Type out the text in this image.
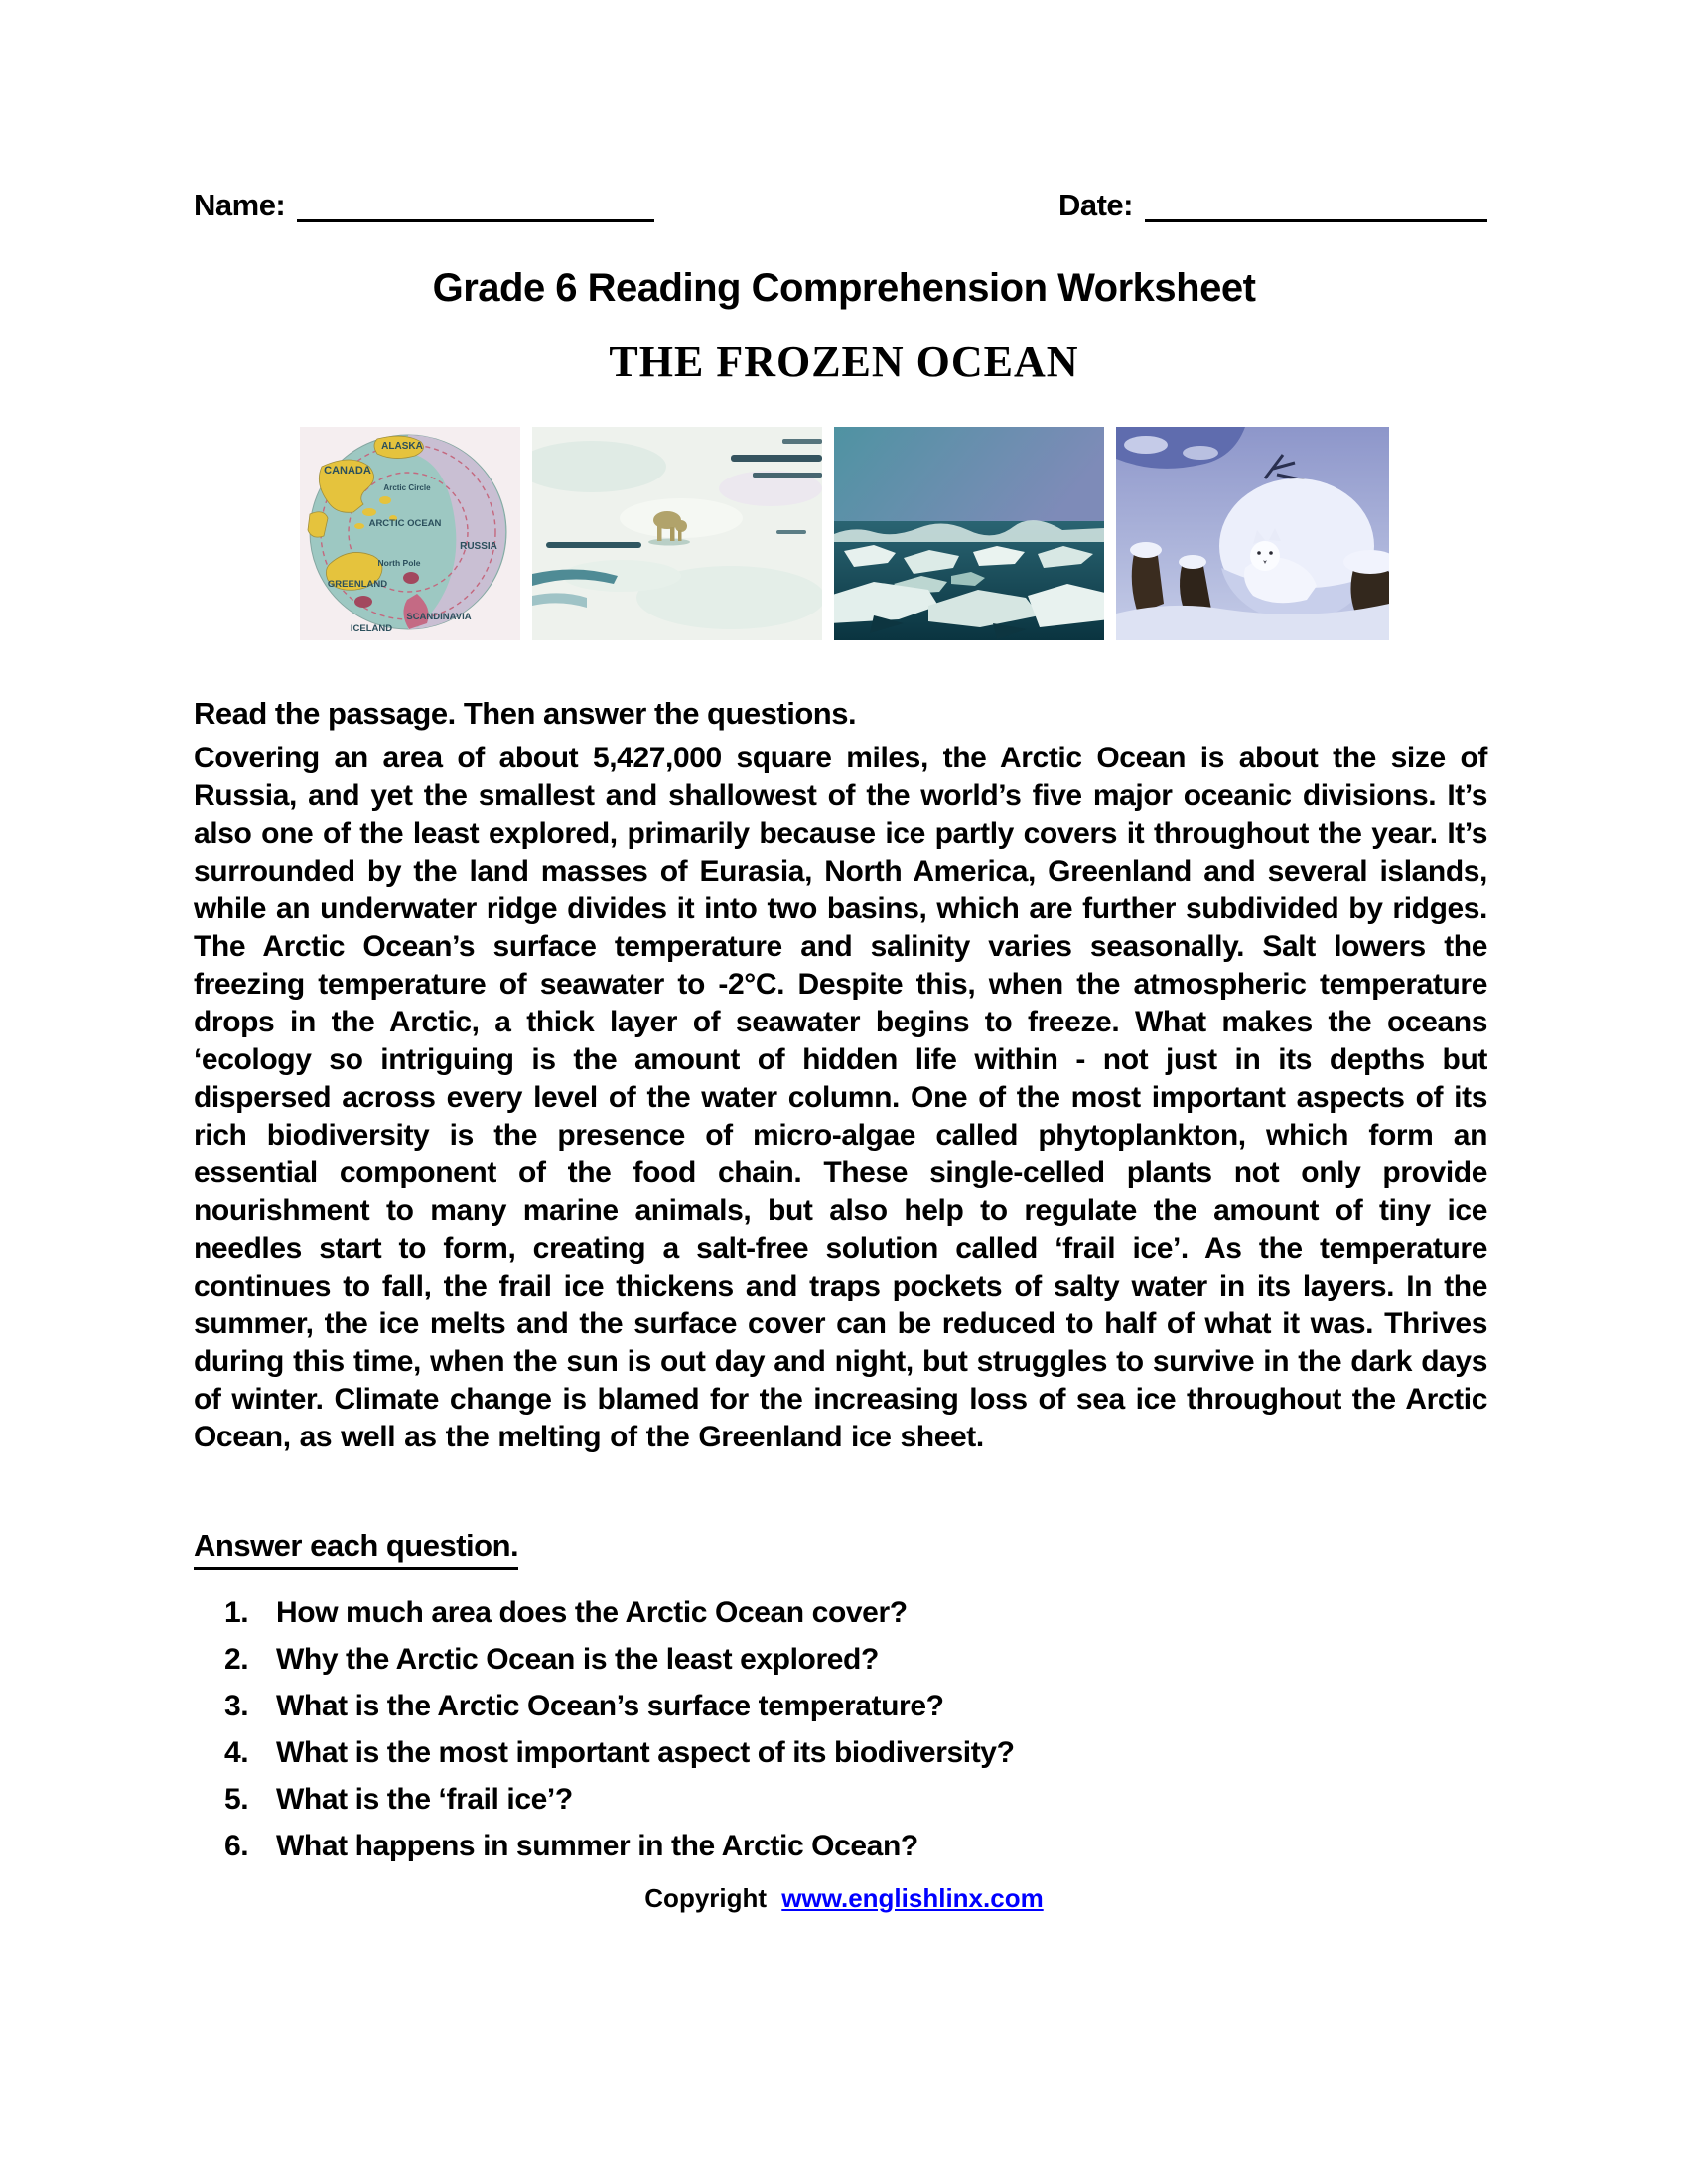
Name:	Date:
Grade 6 Reading Comprehension Worksheet
THE FROZEN OCEAN
ALASKA
CANADA
Arctic Circle
ARCTIC OCEAN
North Pole
RUSSIA
GREENLAND
SCANDINAVIA
ICELAND
Read the passage. Then answer the questions.
Covering an area of about 5,427,000 square miles, the Arctic Ocean is about the size of Russia, and yet the smallest and shallowest of the world’s five major oceanic divisions. It’s also one of the least explored, primarily because ice partly covers it throughout the year. It’s surrounded by the land masses of Eurasia, North America, Greenland and several islands, while an underwater ridge divides it into two basins, which are further subdivided by ridges. The Arctic Ocean’s surface temperature and salinity varies seasonally. Salt lowers the freezing temperature of seawater to -2°C. Despite this, when the atmospheric temperature drops in the Arctic, a thick layer of seawater begins to freeze. What makes the oceans ‘ecology so intriguing is the amount of hidden life within - not just in its depths but dispersed across every level of the water column. One of the most important aspects of its rich biodiversity is the presence of micro-algae called phytoplankton, which form an essential component of the food chain. These single-celled plants not only provide nourishment to many marine animals, but also help to regulate the amount of tiny ice needles start to form, creating a salt-free solution called ‘frail ice’. As the temperature continues to fall, the frail ice thickens and traps pockets of salty water in its layers. In the summer, the ice melts and the surface cover can be reduced to half of what it was. Thrives during this time, when the sun is out day and night, but struggles to survive in the dark days of winter. Climate change is blamed for the increasing loss of sea ice throughout the Arctic Ocean, as well as the melting of the Greenland ice sheet.
Answer each question.
1. How much area does the Arctic Ocean cover?
2. Why the Arctic Ocean is the least explored?
3. What is the Arctic Ocean’s surface temperature?
4. What is the most important aspect of its biodiversity?
5. What is the ‘frail ice’?
6. What happens in summer in the Arctic Ocean?
Copyright www.englishlinx.com
